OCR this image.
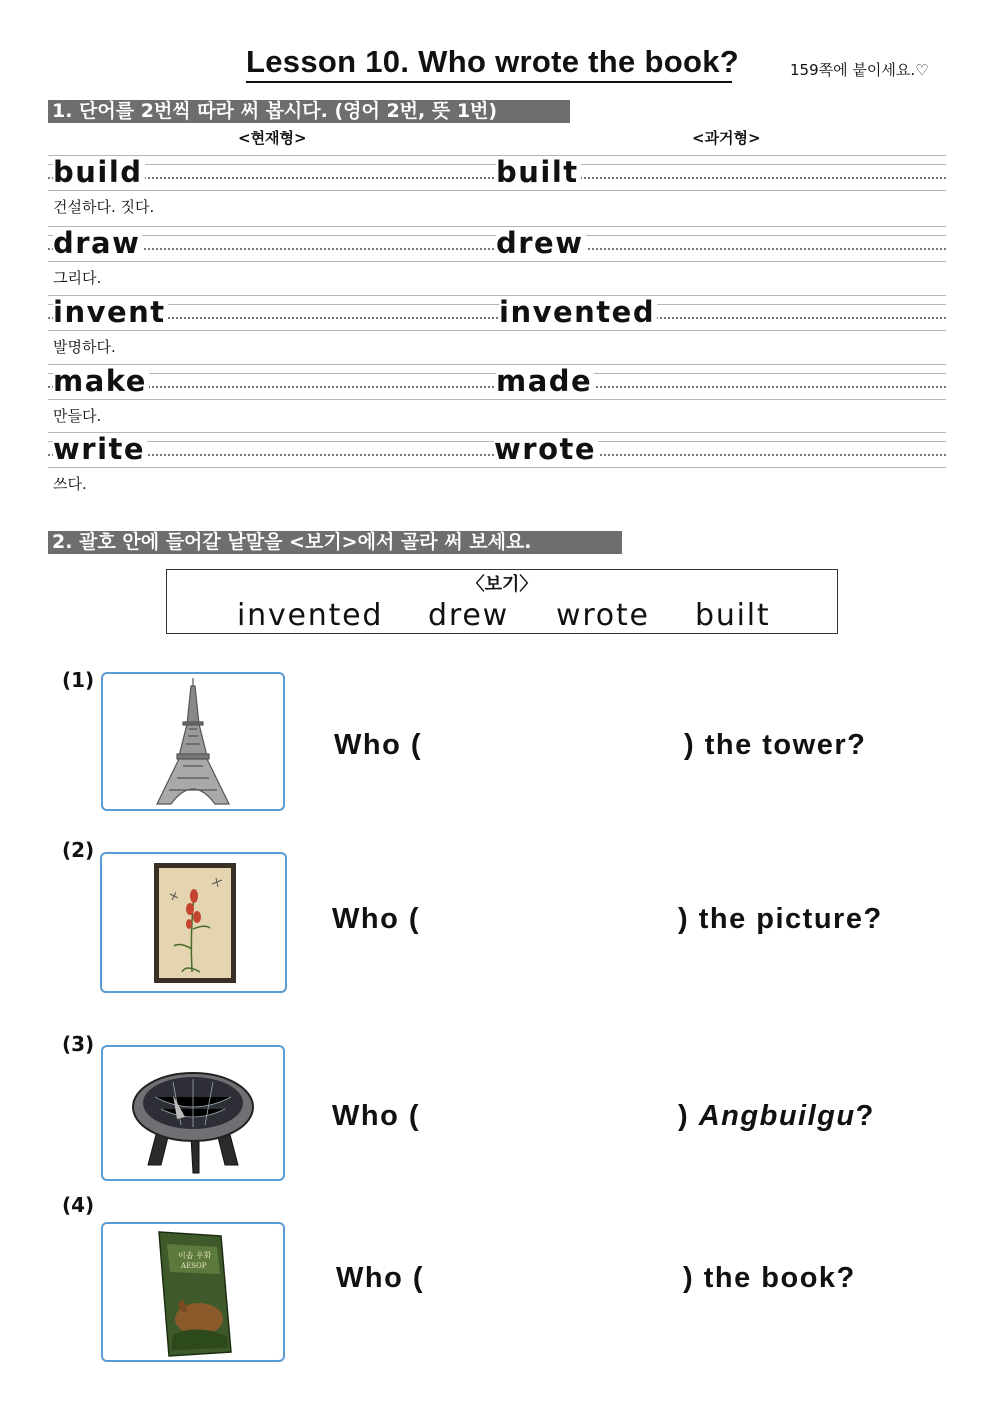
Lesson 10. Who wrote the book?	159쪽에 붙이세요.♡
1. 단어를 2번씩 따라 써 봅시다. (영어 2번, 뜻 1번)
<현재형>	<과거형>
build	built
건설하다. 짓다.
draw	drew
그리다.
invent	invented
발명하다.
make	made
만들다.
write	wrote
쓰다.
2. 괄호 안에 들어갈 낱말을 <보기>에서 골라 써 보세요.
〈보기〉
invented drew wrote built
(1)
Who (	) the tower?
(2)
Who (	) the picture?
(3)
Who (	) Angbuilgu?
(4)
이솝 우화
AESOP	Who (	) the book?
